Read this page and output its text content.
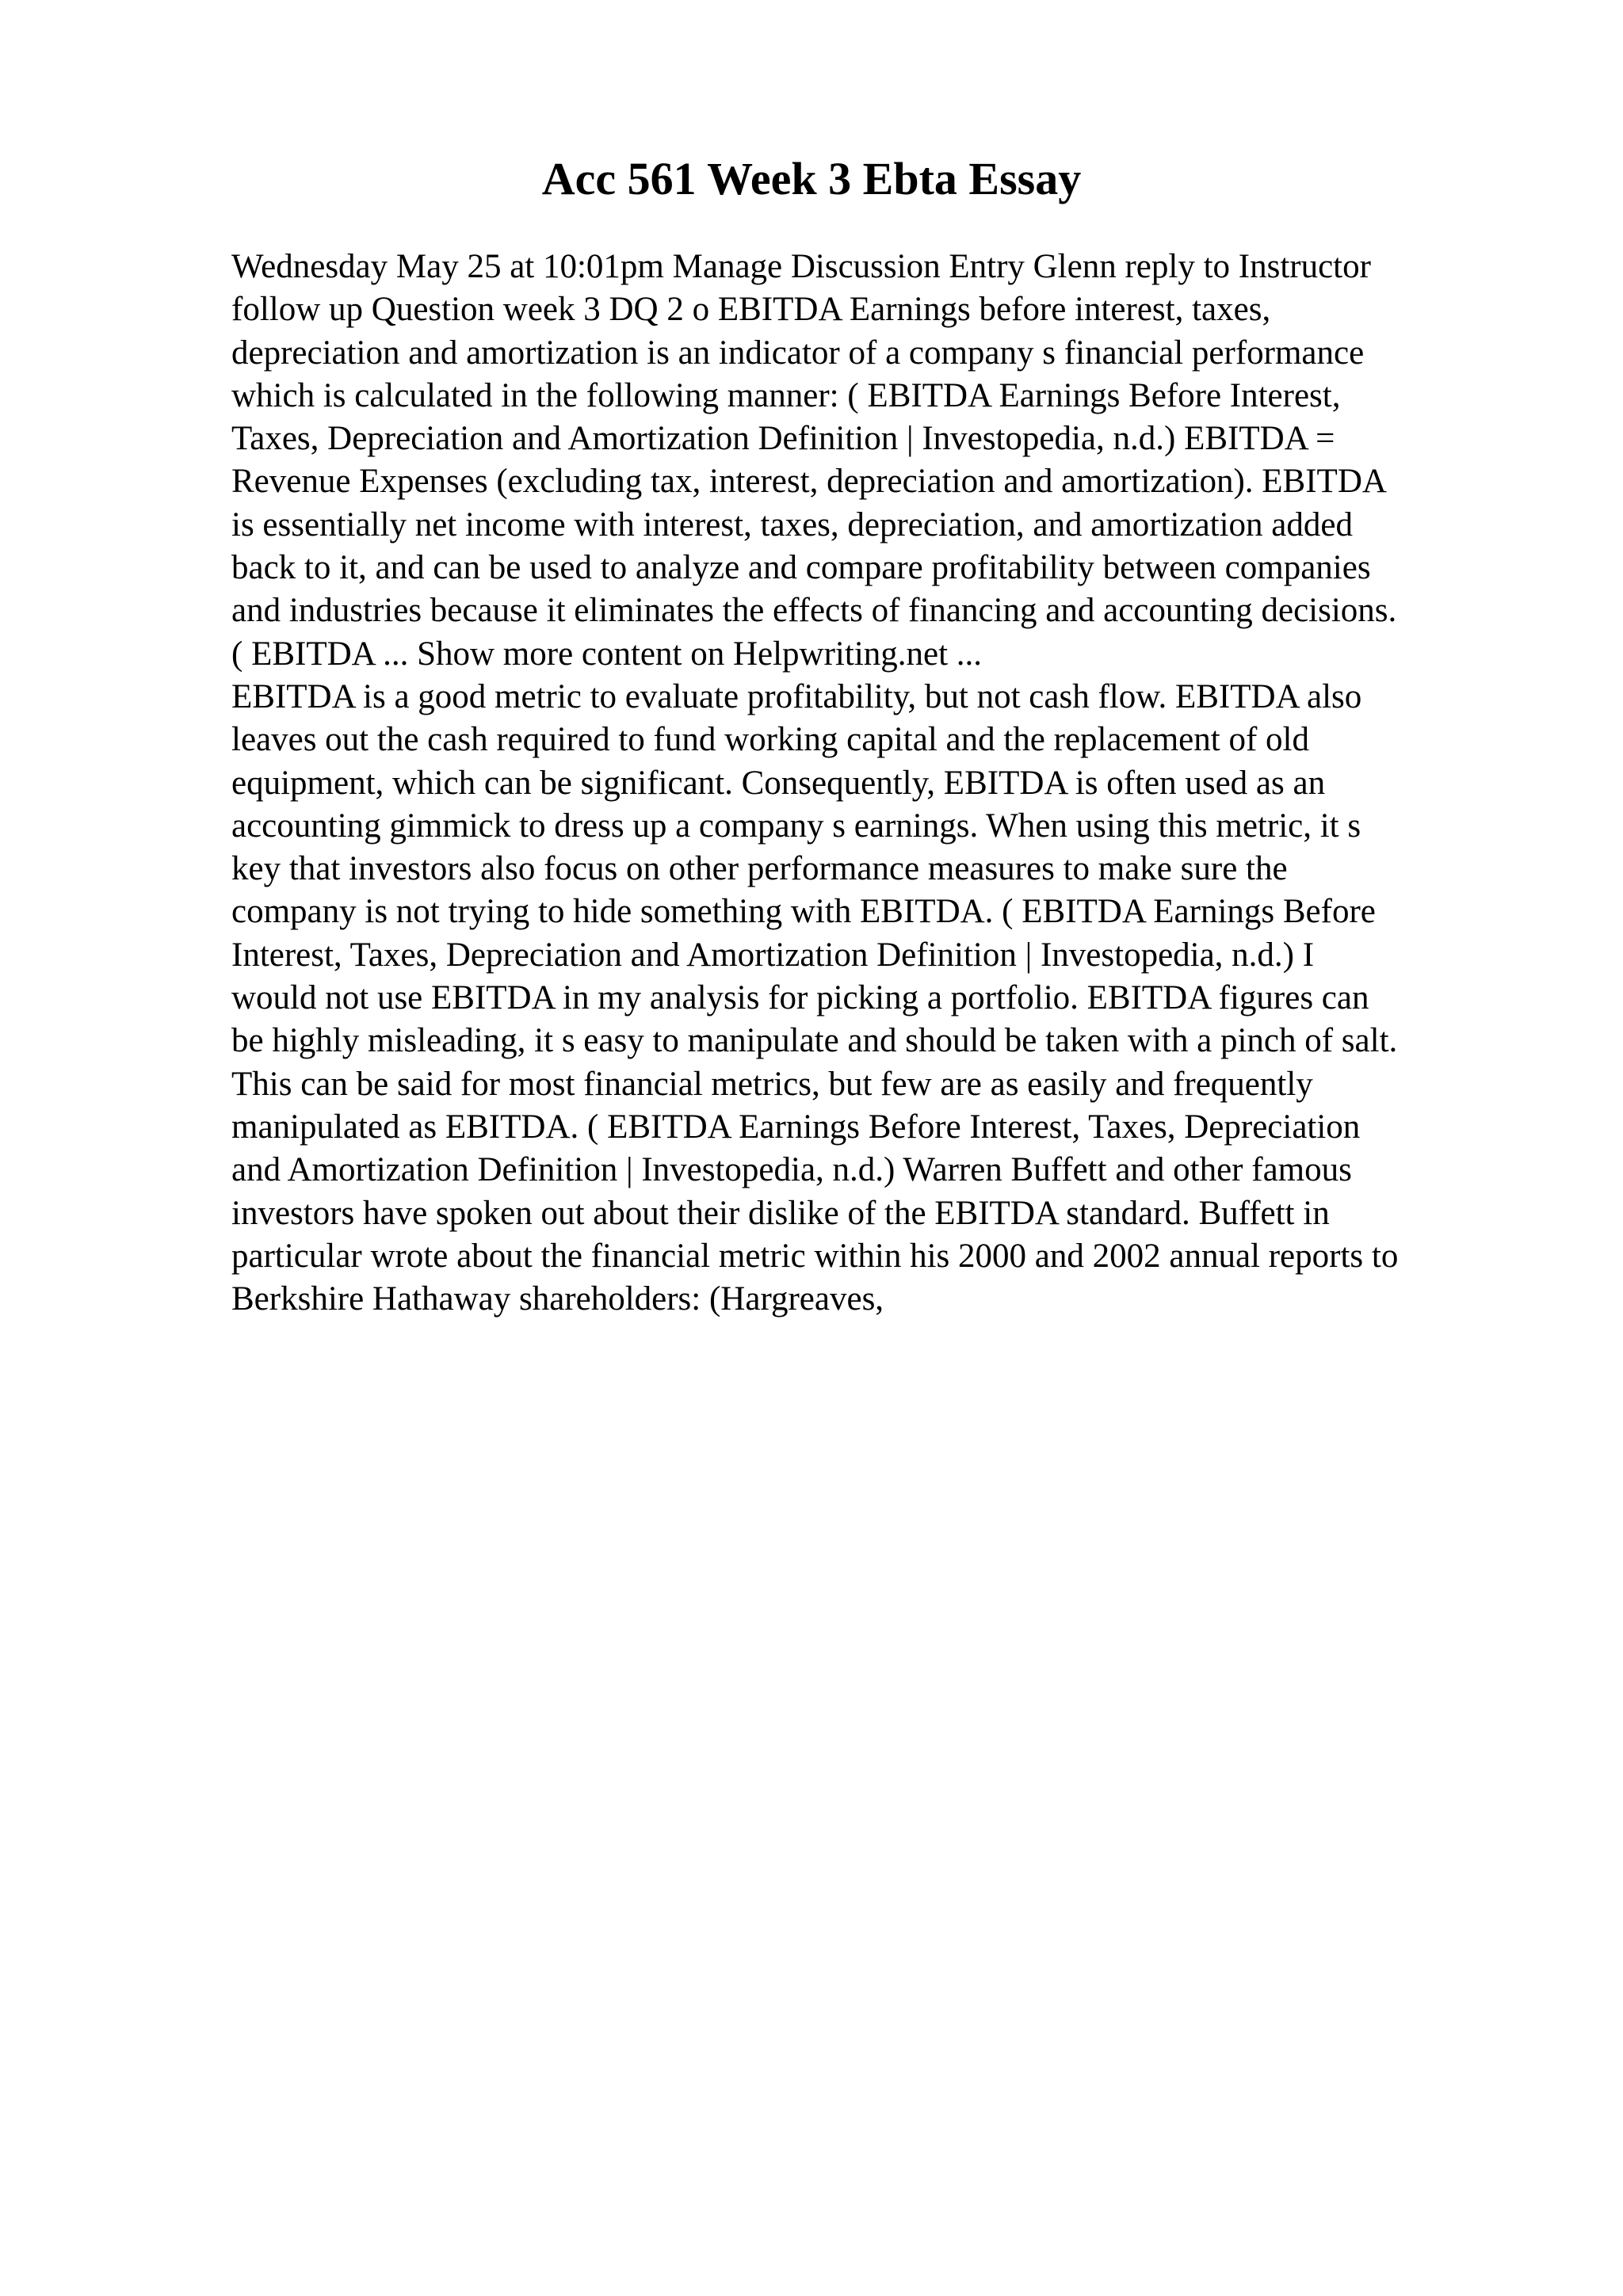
Acc 561 Week 3 Ebta Essay
Wednesday May 25 at 10:01pm Manage Discussion Entry Glenn reply to Instructor
follow up Question week 3 DQ 2 o EBITDA Earnings before interest, taxes,
depreciation and amortization is an indicator of a company s financial performance
which is calculated in the following manner: ( EBITDA Earnings Before Interest,
Taxes, Depreciation and Amortization Definition | Investopedia, n.d.) EBITDA =
Revenue Expenses (excluding tax, interest, depreciation and amortization). EBITDA
is essentially net income with interest, taxes, depreciation, and amortization added
back to it, and can be used to analyze and compare profitability between companies
and industries because it eliminates the effects of financing and accounting decisions.
( EBITDA ... Show more content on Helpwriting.net ...
EBITDA is a good metric to evaluate profitability, but not cash flow. EBITDA also
leaves out the cash required to fund working capital and the replacement of old
equipment, which can be significant. Consequently, EBITDA is often used as an
accounting gimmick to dress up a company s earnings. When using this metric, it s
key that investors also focus on other performance measures to make sure the
company is not trying to hide something with EBITDA. ( EBITDA Earnings Before
Interest, Taxes, Depreciation and Amortization Definition | Investopedia, n.d.) I
would not use EBITDA in my analysis for picking a portfolio. EBITDA figures can
be highly misleading, it s easy to manipulate and should be taken with a pinch of salt.
This can be said for most financial metrics, but few are as easily and frequently
manipulated as EBITDA. ( EBITDA Earnings Before Interest, Taxes, Depreciation
and Amortization Definition | Investopedia, n.d.) Warren Buffett and other famous
investors have spoken out about their dislike of the EBITDA standard. Buffett in
particular wrote about the financial metric within his 2000 and 2002 annual reports to
Berkshire Hathaway shareholders: (Hargreaves,
